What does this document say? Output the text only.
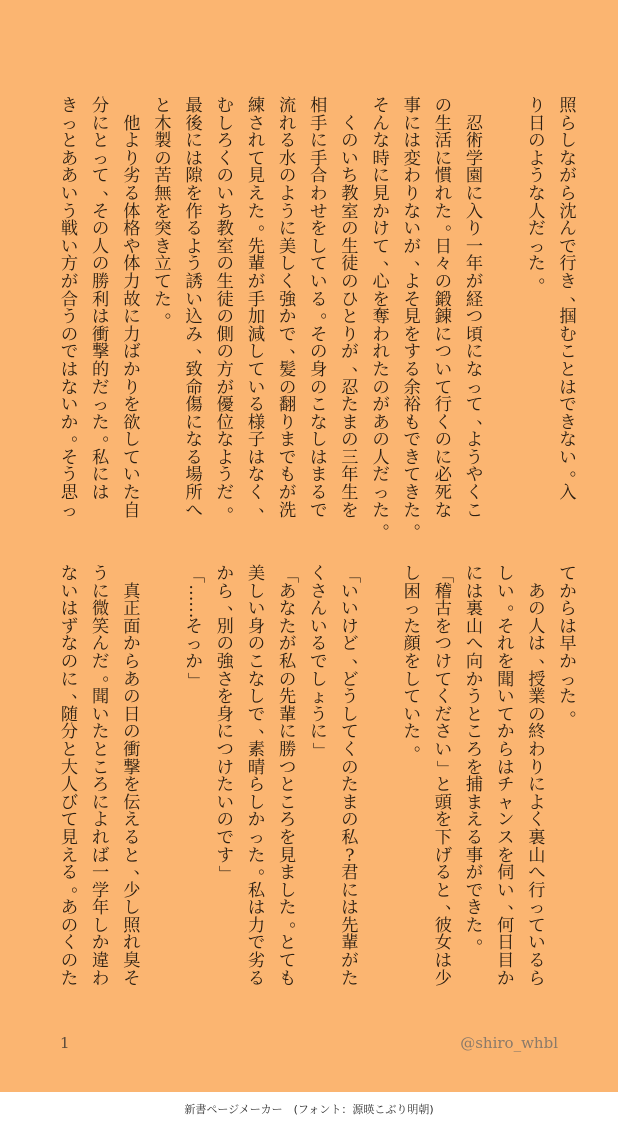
照
ら
し
な
が
ら
沈
ん
で
行
き
、
掴
む
こ
と
は
で
き
な
い
。
入
り
日
の
よ
う
な
人
だ
っ
た
。

忍
術
学
園
に
入
り
一
年
が
経
つ
頃
に
な
っ
て
、
よ
う
や
く
こ
の
生
活
に
慣
れ
た
。
日
々
の
鍛
錬
に
つ
い
て
行
く
の
に
必
死
な
事
に
は
変
わ
り
な
い
が
、
よ
そ
見
を
す
る
余
裕
も
で
き
て
き
た
。
そ
ん
な
時
に
見
か
け
て
、
心
を
奪
わ
れ
た
の
が
あ
の
人
だ
っ
た
。

く
の
い
ち
教
室
の
生
徒
の
ひ
と
り
が
、
忍
た
ま
の
三
年
生
を
相
手
に
手
合
わ
せ
を
し
て
い
る
。
そ
の
身
の
こ
な
し
は
ま
る
で
流
れ
る
水
の
よ
う
に
美
し
く
強
か
で
、
髪
の
翻
り
ま
で
も
が
洗
練
さ
れ
て
見
え
た
。
先
輩
が
手
加
減
し
て
い
る
様
子
は
な
く
、
む
し
ろ
く
の
い
ち
教
室
の
生
徒
の
側
の
方
が
優
位
な
よ
う
だ
。
最
後
に
は
隙
を
作
る
よ
う
誘
い
込
み
、
致
命
傷
に
な
る
場
所
へ
と
木
製
の
苦
無
を
突
き
立
て
た
。

他
よ
り
劣
る
体
格
や
体
力
故
に
力
ば
か
り
を
欲
し
て
い
た
自
分
に
と
っ
て
、
そ
の
人
の
勝
利
は
衝
撃
的
だ
っ
た
。
私
に
は
き
っ
と
あ
あ
い
う
戦
い
方
が
合
う
の
で
は
な
い
か
。
そ
う
思
っ
て
か
ら
は
早
か
っ
た
。

あ
の
人
は
、
授
業
の
終
わ
り
に
よ
く
裏
山
へ
行
っ
て
い
る
ら
し
い
。
そ
れ
を
聞
い
て
か
ら
は
チ
ャ
ン
ス
を
伺
い
、
何
日
目
か
に
は
裏
山
へ
向
か
う
と
こ
ろ
を
捕
ま
え
る
事
が
で
き
た
。
「
稽
古
を
つ
け
て
く
だ
さ
い
」
と
頭
を
下
げ
る
と
、
彼
女
は
少
し
困
っ
た
顔
を
し
て
い
た
。
「
い
い
け
ど
、
ど
う
し
て
く
の
た
ま
の
私
?
君
に
は
先
輩
が
た
く
さ
ん
い
る
で
し
ょ
う
に
」
「
あ
な
た
が
私
の
先
輩
に
勝
つ
と
こ
ろ
を
見
ま
し
た
。
と
て
も
美
し
い
身
の
こ
な
し
で
、
素
晴
ら
し
か
っ
た
。
私
は
力
で
劣
る
か
ら
、
別
の
強
さ
を
身
に
つ
け
た
い
の
で
す
」
「
…
…
そ
っ
か
」

真
正
面
か
ら
あ
の
日
の
衝
撃
を
伝
え
る
と
、
少
し
照
れ
臭
そ
う
に
微
笑
ん
だ
。
聞
い
た
と
こ
ろ
に
よ
れ
ば
一
学
年
し
か
違
わ
な
い
は
ず
な
の
に
、
随
分
と
大
人
び
て
見
え
る
。
あ
の
く
の
た
1	@shiro_whbl
新書ページメーカー　(フォント：源暎こぶり明朝)
